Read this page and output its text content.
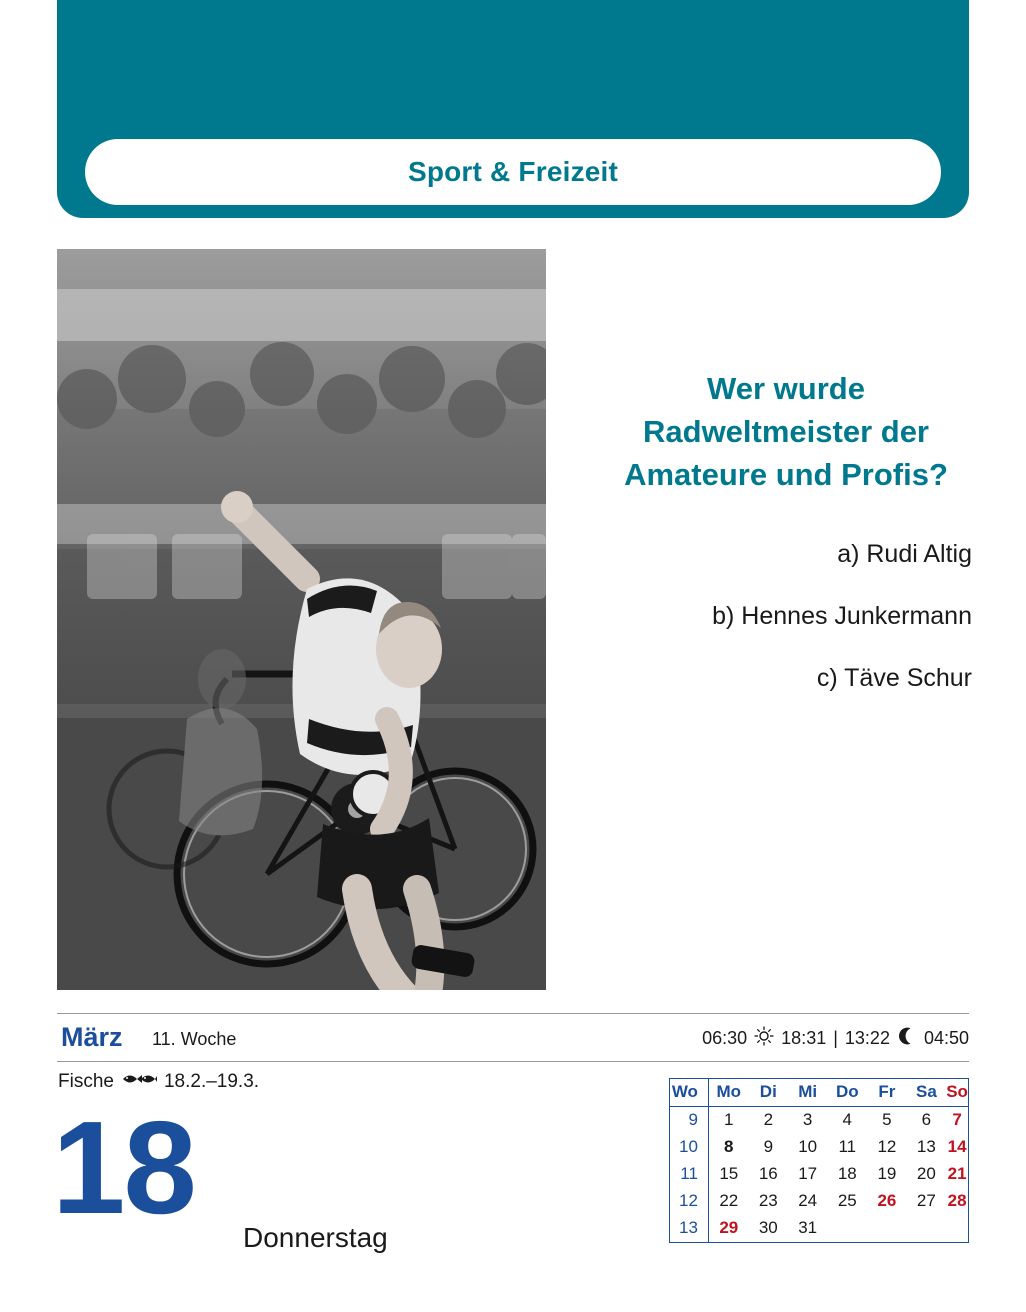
Sport & Freizeit

Wer wurde Radweltmeister der Amateure und Profis?

a) Rudi Altig
b) Hennes Junkermann
c) Täve Schur
März 11. Woche	06:30 18:31 | 13:22 04:50
Fische	18.2.–19.3.
18 Donnerstag
Wo	Mo	Di	Mi	Do	Fr	Sa	So
9	1	2	3	4	5	6	7
10	8	9	10	11	12	13	14
11	15	16	17	18	19	20	21
12	22	23	24	25	26	27	28
13	29	30	31				
